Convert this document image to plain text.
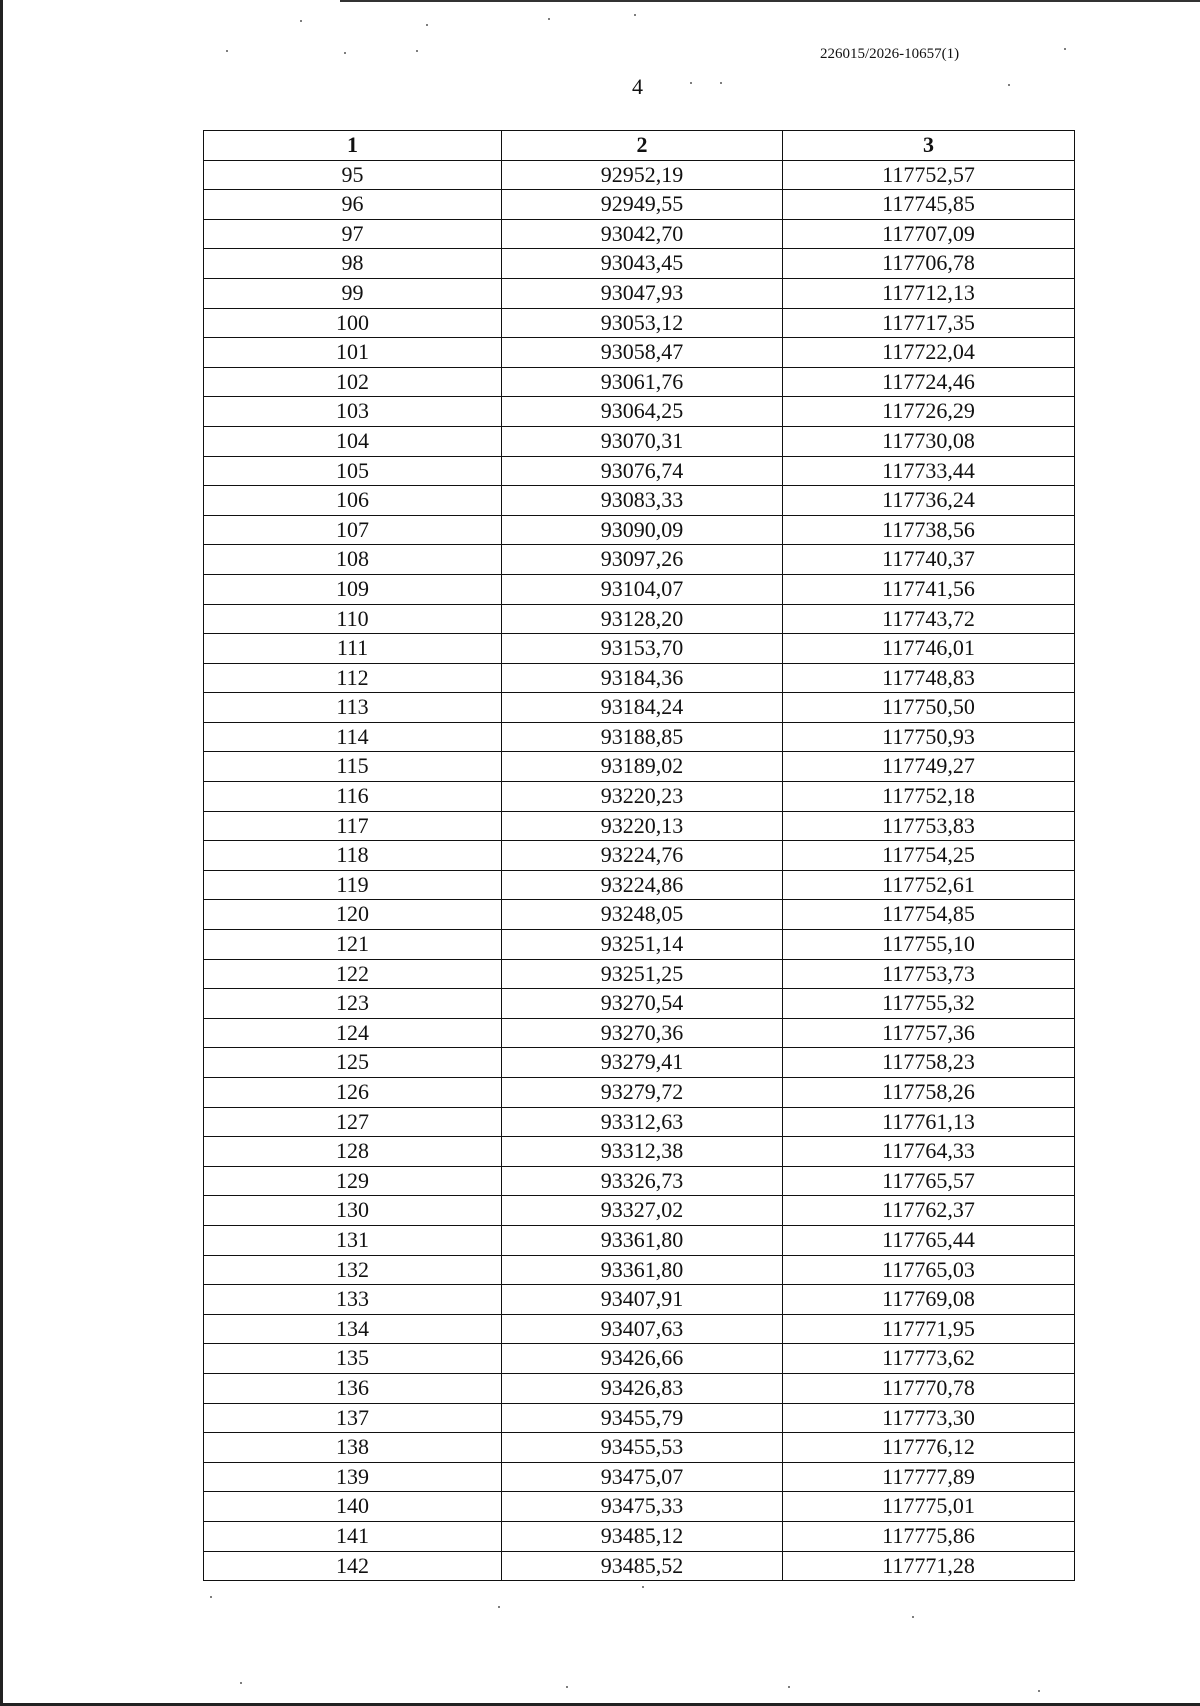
226015/2026-10657(1)
4
1	2	3
95	92952,19	117752,57
96	92949,55	117745,85
97	93042,70	117707,09
98	93043,45	117706,78
99	93047,93	117712,13
100	93053,12	117717,35
101	93058,47	117722,04
102	93061,76	117724,46
103	93064,25	117726,29
104	93070,31	117730,08
105	93076,74	117733,44
106	93083,33	117736,24
107	93090,09	117738,56
108	93097,26	117740,37
109	93104,07	117741,56
110	93128,20	117743,72
111	93153,70	117746,01
112	93184,36	117748,83
113	93184,24	117750,50
114	93188,85	117750,93
115	93189,02	117749,27
116	93220,23	117752,18
117	93220,13	117753,83
118	93224,76	117754,25
119	93224,86	117752,61
120	93248,05	117754,85
121	93251,14	117755,10
122	93251,25	117753,73
123	93270,54	117755,32
124	93270,36	117757,36
125	93279,41	117758,23
126	93279,72	117758,26
127	93312,63	117761,13
128	93312,38	117764,33
129	93326,73	117765,57
130	93327,02	117762,37
131	93361,80	117765,44
132	93361,80	117765,03
133	93407,91	117769,08
134	93407,63	117771,95
135	93426,66	117773,62
136	93426,83	117770,78
137	93455,79	117773,30
138	93455,53	117776,12
139	93475,07	117777,89
140	93475,33	117775,01
141	93485,12	117775,86
142	93485,52	117771,28
